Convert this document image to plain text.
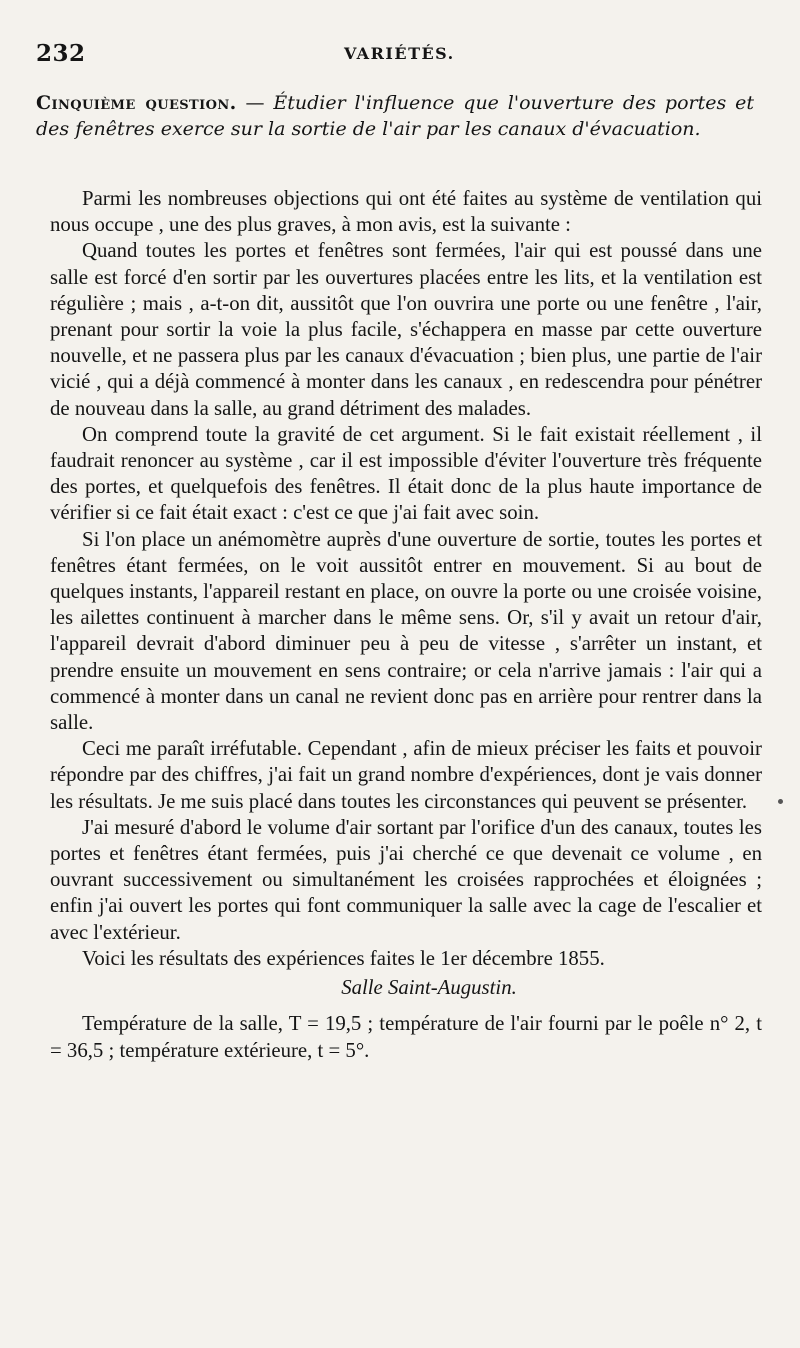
232	VARIÉTÉS.
Cinquième question. — Étudier l'influence que l'ouverture des portes et des fenêtres exerce sur la sortie de l'air par les canaux d'évacuation.

Parmi les nombreuses objections qui ont été faites au système de ventilation qui nous occupe , une des plus graves, à mon avis, est la suivante :

Quand toutes les portes et fenêtres sont fermées, l'air qui est poussé dans une salle est forcé d'en sortir par les ouvertures placées entre les lits, et la ventilation est régulière ; mais , a-t-on dit, aussitôt que l'on ouvrira une porte ou une fenêtre , l'air, prenant pour sortir la voie la plus facile, s'échappera en masse par cette ouverture nouvelle, et ne passera plus par les canaux d'évacuation ; bien plus, une partie de l'air vicié , qui a déjà commencé à monter dans les canaux , en redescendra pour pénétrer de nouveau dans la salle, au grand détriment des malades.

On comprend toute la gravité de cet argument. Si le fait existait réellement , il faudrait renoncer au système , car il est impossible d'éviter l'ouverture très fréquente des portes, et quelquefois des fenêtres. Il était donc de la plus haute importance de vérifier si ce fait était exact : c'est ce que j'ai fait avec soin.

Si l'on place un anémomètre auprès d'une ouverture de sortie, toutes les portes et fenêtres étant fermées, on le voit aussitôt entrer en mouvement. Si au bout de quelques instants, l'appareil restant en place, on ouvre la porte ou une croisée voisine, les ailettes continuent à marcher dans le même sens. Or, s'il y avait un retour d'air, l'appareil devrait d'abord diminuer peu à peu de vitesse , s'arrêter un instant, et prendre ensuite un mouvement en sens contraire; or cela n'arrive jamais : l'air qui a commencé à monter dans un canal ne revient donc pas en arrière pour rentrer dans la salle.

Ceci me paraît irréfutable. Cependant , afin de mieux préciser les faits et pouvoir répondre par des chiffres, j'ai fait un grand nombre d'expériences, dont je vais donner les résultats. Je me suis placé dans toutes les circonstances qui peuvent se présenter.

J'ai mesuré d'abord le volume d'air sortant par l'orifice d'un des canaux, toutes les portes et fenêtres étant fermées, puis j'ai cherché ce que devenait ce volume , en ouvrant successivement ou simultanément les croisées rapprochées et éloignées ; enfin j'ai ouvert les portes qui font communiquer la salle avec la cage de l'escalier et avec l'extérieur.

Voici les résultats des expériences faites le 1er décembre 1855.

Salle Saint-Augustin.

Température de la salle, T = 19,5 ; température de l'air fourni par le poêle n° 2, t = 36,5 ; température extérieure, t = 5°.
